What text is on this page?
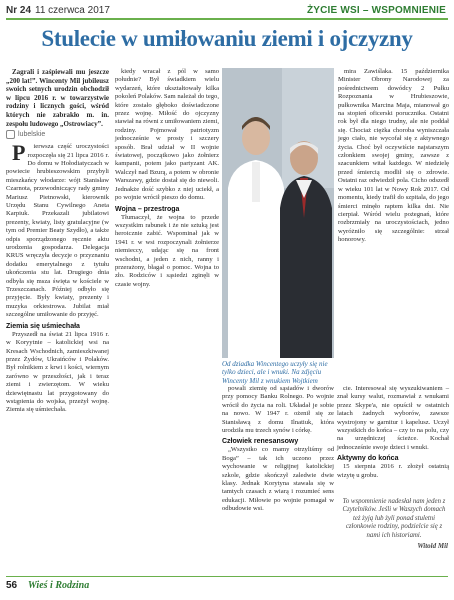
Nr 24 11 czerwca 2017	ŻYCIE WSI – WSPOMNIENIE
Stulecie w umiłowaniu ziemi i ojczyzny

Zagrali i zaśpiewali mu jeszcze „200 lat!”. Wincenty Mil jubileusz swoich setnych urodzin obchodził w lipcu 2016 r. w towarzystwie rodziny i licznych gości, wśród których nie zabrakło m. in. zespołu ludowego „Ostrowiacy”.

lubelskie

P ierwsza część uroczystości rozpoczęła się 21 lipca 2016 r. Do domu w Hołodiatyczach w powiecie hrubieszowskim przybyli mieszkańcy włodarze: wójt Stanisław Czarnota, przewodniczący rady gminy Mariusz Pietnowski, kierownik Urzędu Stanu Cywilnego Aneta Karpiuk. Przekazali jubilatowi prezenty, kwiaty, listy gratulacyjne (w tym od Premier Beaty Szydło), a także odpis sporządzonego ręcznie aktu urodzenia gospodarza. Delegacja KRUS wręczyła decyzje o przyznaniu dodatku emerytalnego z tytułu ukończenia stu lat. Drugiego dnia odbyła się msza święta w kościele w Trzeszczanach. Później odbyło się przyjęcie. Były kwiaty, prezenty i muzyka orkiestrowa. Jubilat miał szczególne umiłowanie do przyjęć.

Ziemia się uśmiechała

Przyszedł na świat 21 lipca 1916 r. w Koryytnie – katolickiej wsi na Kresach Wschodnich, zamieszkiwanej przez Żydów, Ukraińców i Polaków. Był rolnikiem z krwi i kości, wiernym zarówno w przeszłości, jak i teraz ziemi i zwierzętom. W wieku dziewiętnastu lat przygotowany do wstąpienia do wojska, przeżył wojnę. Ziemia się uśmiechała.

kiedy wracał z pól w samo południe? Był świadkiem wielu wydarzeń, które ukształtowały kilka pokoleń Polaków. Sam należał do tego, które zostało głęboko doświadczone przez wojnę. Miłość do ojczyzny stawiał na równi z umiłowaniem ziemi, rodziny. Pojmował patriotyzm jednocześnie w prosty i szczery sposób. Brał udział w II wojnie światowej, początkowo jako żołnierz kampanii, potem jako partyzant AK. Walczył nad Bzurą, a potem w obronie Warszawy, gdzie dostał się do niewoli. Jednakże dość szybko z niej uciekł, a po wojnie wrócił pieszo do domu.

Wojna – przestroga

Tłumaczył, że wojna to przede wszystkim rabunek i że nie sztuką jest heroicznie zabić. Wspominał jak w 1941 r. w wsi rozpoczynali żołnierze niemieccy, udając się na front wschodni, a jeden z nich, ranny i przerażony, błagał o pomoc. Wojna to zło. Rodziców i sąsiedzi zginęli w czasie wojny.

Od dziadka Wincentego uczyły się nie tylko dzieci, ale i wnuki. Na zdjęciu Wincenty Mil z wnukiem Wojtkiem

powali ziemię od sąsiadów i dworów przy pomocy Banku Rolnego. Po wojnie wrócił do życia na roli. Układał je sobie na nowo. W 1947 r. ożenił się ze Stanisławą z domu Ilnatiuk, która urodziła mu trzech synów i córkę.

Człowiek renesansowy

„Wszystko co mamy otrzyliśmy od Boga” – tak ich uczono przez wychowanie w religijnej katolickiej szkole, gdzie skończył zaledwie dwie klasy. Jednak Korytyna stawała się w tamtych czasach z wiarą i rozumieć sens edukacji. Miłowie po wojnie pomagał w odbudowie wsi.

cie. Interesował się wyszukiwaniem – znał kursy walut, rozmawiał z wnukami przez Skype'a, nie opuścił w ostatnich latach żadnych wyborów, zawsze wystrojony w garnitur i kapelusz. Uczył wszystkich do końca – czy to na polu, czy na urzędniczej ścieżce. Kochał jednocześnie swoje dzieci i wnuki.

Aktywny do końca

15 sierpnia 2016 r. złożył ostatnią wizytę u grobu.

mira Zawiślaka. 15 października Minister Obrony Narodowej za pośrednictwem dowódcy 2 Pułku Rozpoznania w Hrubieszowie, pułkownika Marcina Maja, mianował go na stopień oficerski porucznika. Ostatni rok był dla niego trudny, ale nie poddał się. Chociaż ciężka choroba wyniszczała jego ciało, nie wycofał się z aktywnego życia. Choć był oczywiście najstarszym członkiem swojej gminy, zawsze z szacunkiem witał każdego. W niedzielę przed śmiercią modlił się o zdrowie. Ostatni raz odwiedził pola. Cicho odszedł w wieku 101 lat w Nowy Rok 2017. Od momentu, kiedy trafił do szpitala, do jego śmierci minęło raptem kilka dni. Nie cierpiał. Wśród wielu pożegnań, które rozbrzmiały na uroczystościach, jedno wyróżniło się szczególnie: strzał honorowy.

To wspomnienie nadesłał nam jeden z Czytelników. Jeśli w Waszych domach też żyją lub żyli ponad stuletni członkowie rodziny, podzielcie się z nami ich historiami.
Witold Mil
56 Wieś i Rodzina
